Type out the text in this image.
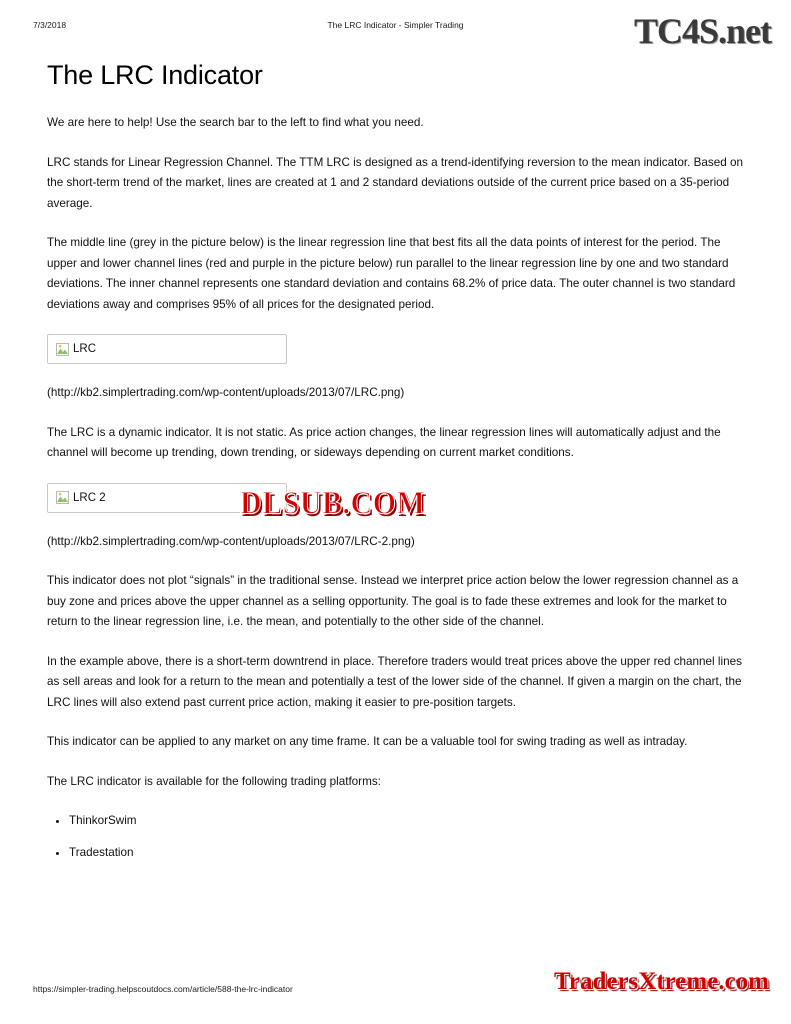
7/3/2018	The LRC Indicator - Simpler Trading	TC4S.net
The LRC Indicator

We are here to help! Use the search bar to the left to find what you need.

LRC stands for Linear Regression Channel. The TTM LRC is designed as a trend-identifying reversion to the mean indicator. Based on the short-term trend of the market, lines are created at 1 and 2 standard deviations outside of the current price based on a 35-period average.

The middle line (grey in the picture below) is the linear regression line that best fits all the data points of interest for the period. The upper and lower channel lines (red and purple in the picture below) run parallel to the linear regression line by one and two standard deviations. The inner channel represents one standard deviation and contains 68.2% of price data. The outer channel is two standard deviations away and comprises 95% of all prices for the designated period.

LRC

(http://kb2.simplertrading.com/wp-content/uploads/2013/07/LRC.png)

The LRC is a dynamic indicator. It is not static. As price action changes, the linear regression lines will automatically adjust and the channel will become up trending, down trending, or sideways depending on current market conditions.

LRC 2

(http://kb2.simplertrading.com/wp-content/uploads/2013/07/LRC-2.png)

This indicator does not plot “signals” in the traditional sense. Instead we interpret price action below the lower regression channel as a buy zone and prices above the upper channel as a selling opportunity. The goal is to fade these extremes and look for the market to return to the linear regression line, i.e. the mean, and potentially to the other side of the channel.

In the example above, there is a short-term downtrend in place. Therefore traders would treat prices above the upper red channel lines as sell areas and look for a return to the mean and potentially a test of the lower side of the channel. If given a margin on the chart, the LRC lines will also extend past current price action, making it easier to pre-position targets.

This indicator can be applied to any market on any time frame. It can be a valuable tool for swing trading as well as intraday.

The LRC indicator is available for the following trading platforms:

• ThinkorSwim
• Tradestation
DLSUB.COM
https://simpler-trading.helpscoutdocs.com/article/588-the-lrc-indicator	TradersXtreme.com
